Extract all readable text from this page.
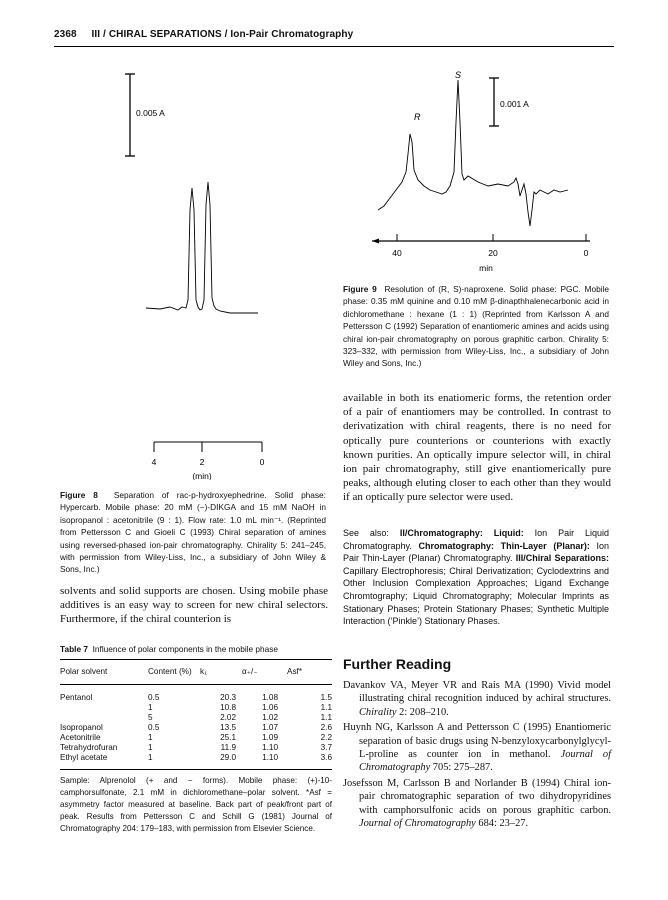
2368 III / CHIRAL SEPARATIONS / Ion-Pair Chromatography
0.005 A
4	2	0
(min)
Figure 8 Separation of rac-p-hydroxyephedrine. Solid phase: Hypercarb. Mobile phase: 20 mM (−)-DIKGA and 15 mM NaOH in isopropanol : acetonitrile (9 : 1). Flow rate: 1.0 mL min⁻¹. (Reprinted from Pettersson C and Gioeli C (1993) Chiral separation of amines using reversed-phased ion-pair chromatography. Chirality 5: 241–245, with permission from Wiley-Liss, Inc., a subsidiary of John Wiley & Sons, Inc.)
solvents and solid supports are chosen. Using mobile phase additives is an easy way to screen for new chiral selectors. Furthermore, if the chiral counterion is
Table 7 Influence of polar components in the mobile phase
Polar solvent	Content (%)	k₁	α₊/₋	Asf*
Pentanol	0.5	20.3	1.08	1.5
	1	10.8	1.06	1.1
	5	2.02	1.02	1.1
Isopropanol	0.5	13.5	1.07	2.6
Acetonitrile	1	25.1	1.09	2.2
Tetrahydrofuran	1	11.9	1.10	3.7
Ethyl acetate	1	29.0	1.10	3.6
Sample: Alprenolol (+ and − forms). Mobile phase: (+)-10-camphorsulfonate, 2.1 mM in dichloromethane–polar solvent. *Asf = asymmetry factor measured at baseline. Back part of peak/front part of peak. Results from Pettersson C and Schill G (1981) Journal of Chromatography 204: 179–183, with permission from Elsevier Science.
R
S
0.001 A
40	20	0
min
Figure 9 Resolution of (R, S)-naproxene. Solid phase: PGC. Mobile phase: 0.35 mM quinine and 0.10 mM β-dinapthhalenecarbonic acid in dichloromethane : hexane (1 : 1) (Reprinted from Karlsson A and Pettersson C (1992) Separation of enantiomeric amines and acids using chiral ion-pair chromatography on porous graphitic carbon. Chirality 5: 323–332, with permission from Wiley-Liss, Inc., a subsidiary of John Wiley and Sons, Inc.)
available in both its enatiomeric forms, the retention order of a pair of enantiomers may be controlled. In contrast to derivatization with chiral reagents, there is no need for optically pure counterions or counterions with exactly known purities. An optically impure selector will, in chiral ion pair chromatography, still give enantiomerically pure peaks, although eluting closer to each other than they would if an optically pure selector were used.
See also: II/Chromatography: Liquid: Ion Pair Liquid Chromatography. Chromatography: Thin-Layer (Planar): Ion Pair Thin-Layer (Planar) Chromatography. III/Chiral Separations: Capillary Electrophoresis; Chiral Derivatization; Cyclodextrins and Other Inclusion Complexation Approaches; Ligand Exchange Chromtography; Liquid Chromatography; Molecular Imprints as Stationary Phases; Protein Stationary Phases; Synthetic Multiple Interaction (‘Pinkle’) Stationary Phases.
Further Reading
Davankov VA, Meyer VR and Rais MA (1990) Vivid model illustrating chiral recognition induced by achiral structures. Chirality 2: 208–210.
Huynh NG, Karlsson A and Pettersson C (1995) Enantiomeric separation of basic drugs using N-benzyloxycarbonylglycyl-L-proline as counter ion in methanol. Journal of Chromatography 705: 275–287.
Josefsson M, Carlsson B and Norlander B (1994) Chiral ion-pair chromatographic separation of two dihydropyridines with camphorsulfonic acids on porous graphitic carbon. Journal of Chromatography 684: 23–27.
